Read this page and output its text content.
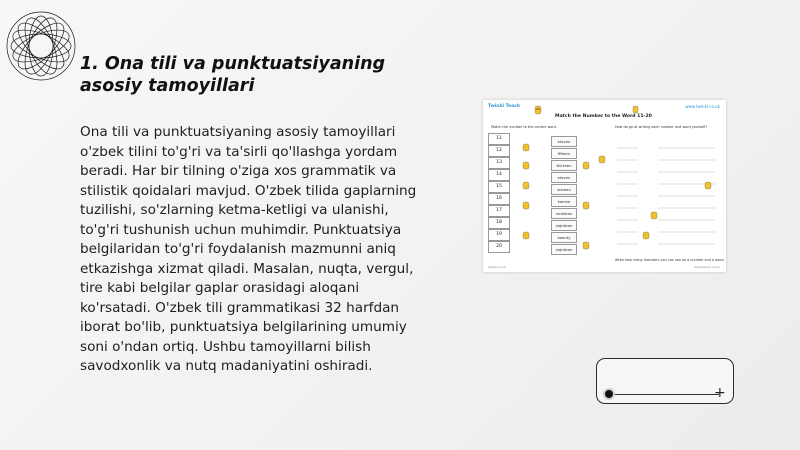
1. Ona tili va punktuatsiyaning asosiy tamoyillari

Ona tili va punktuatsiyaning asosiy tamoyillari o'zbek tilini to'g'ri va ta'sirli qo'llashga yordam beradi. Har bir tilning o'ziga xos grammatik va stilistik qoidalari mavjud. O'zbek tilida gaplarning tuzilishi, so'zlarning ketma-ketligi va ulanishi, to'g'ri tushunish uchun muhimdir. Punktuatsiya belgilaridan to'g'ri foydalanish mazmunni aniq etkazishga xizmat qiladi. Masalan, nuqta, vergul, tire kabi belgilar gaplar orasidagi aloqani ko'rsatadi. O'zbek tili grammatikasi 32 harfdan iborat bo'lib, punktuatsiya belgilarining umumiy soni o'ndan ortiq. Ushbu tamoyillarni bilish savodxonlik va nutq madaniyatini oshiradi.

Twinkl Teach	www.twinkl.co.uk
Match the Number to the Word 11-20
Match the number to the correct word.	How do go at writing each number and word yourself?
Write how many monsters you can see as a number and a word.
twinkl.co.uk	www.twinkl.co.uk
11
12
13
14
15
16
17
18
19
20
eleven
fifteen
thirteen
eleven
sixteen
twelve
nineteen
eighteen
twenty
eighteen
+
